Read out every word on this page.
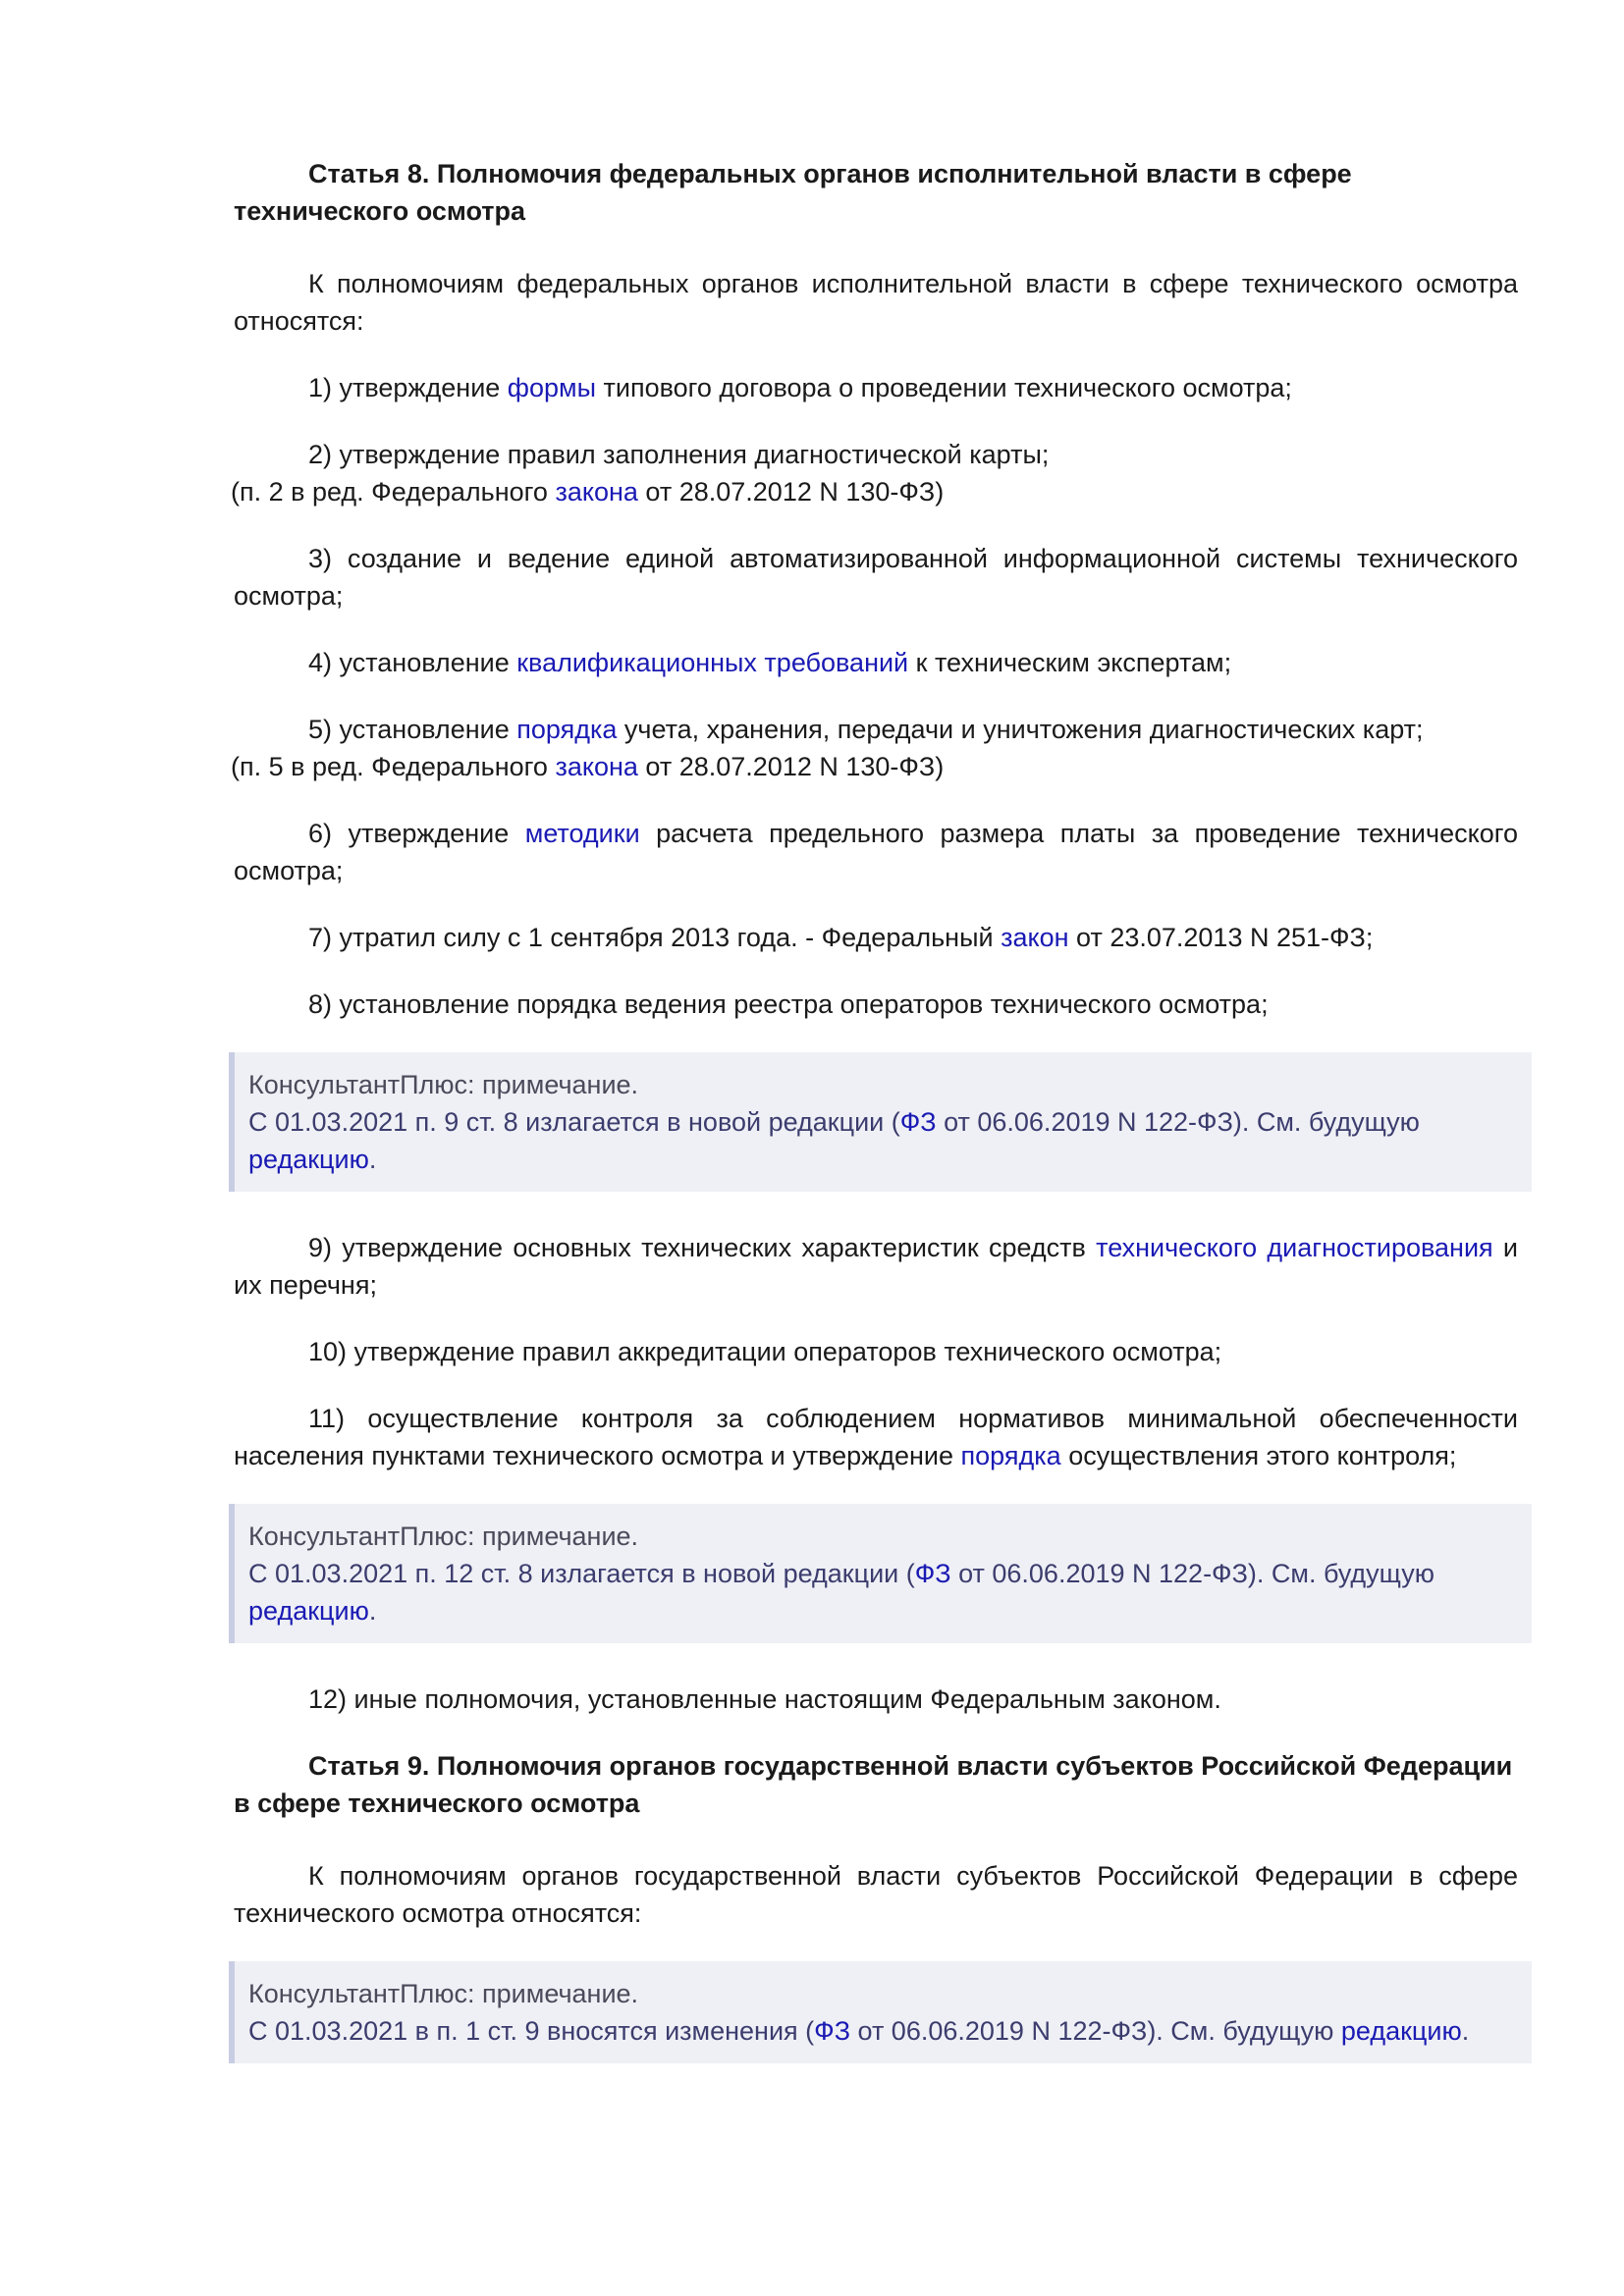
Статья 8. Полномочия федеральных органов исполнительной власти в сфере технического осмотра
К полномочиям федеральных органов исполнительной власти в сфере технического осмотра относятся:
1) утверждение формы типового договора о проведении технического осмотра;
2) утверждение правил заполнения диагностической карты;
(п. 2 в ред. Федерального закона от 28.07.2012 N 130-ФЗ)
3) создание и ведение единой автоматизированной информационной системы технического осмотра;
4) установление квалификационных требований к техническим экспертам;
5) установление порядка учета, хранения, передачи и уничтожения диагностических карт;
(п. 5 в ред. Федерального закона от 28.07.2012 N 130-ФЗ)
6) утверждение методики расчета предельного размера платы за проведение технического осмотра;
7) утратил силу с 1 сентября 2013 года. - Федеральный закон от 23.07.2013 N 251-ФЗ;
8) установление порядка ведения реестра операторов технического осмотра;
КонсультантПлюс: примечание.
С 01.03.2021 п. 9 ст. 8 излагается в новой редакции (ФЗ от 06.06.2019 N 122-ФЗ). См. будущую редакцию.
9) утверждение основных технических характеристик средств технического диагностирования и их перечня;
10) утверждение правил аккредитации операторов технического осмотра;
11) осуществление контроля за соблюдением нормативов минимальной обеспеченности населения пунктами технического осмотра и утверждение порядка осуществления этого контроля;
КонсультантПлюс: примечание.
С 01.03.2021 п. 12 ст. 8 излагается в новой редакции (ФЗ от 06.06.2019 N 122-ФЗ). См. будущую редакцию.
12) иные полномочия, установленные настоящим Федеральным законом.
Статья 9. Полномочия органов государственной власти субъектов Российской Федерации в сфере технического осмотра
К полномочиям органов государственной власти субъектов Российской Федерации в сфере технического осмотра относятся:
КонсультантПлюс: примечание.
С 01.03.2021 в п. 1 ст. 9 вносятся изменения (ФЗ от 06.06.2019 N 122-ФЗ). См. будущую редакцию.
